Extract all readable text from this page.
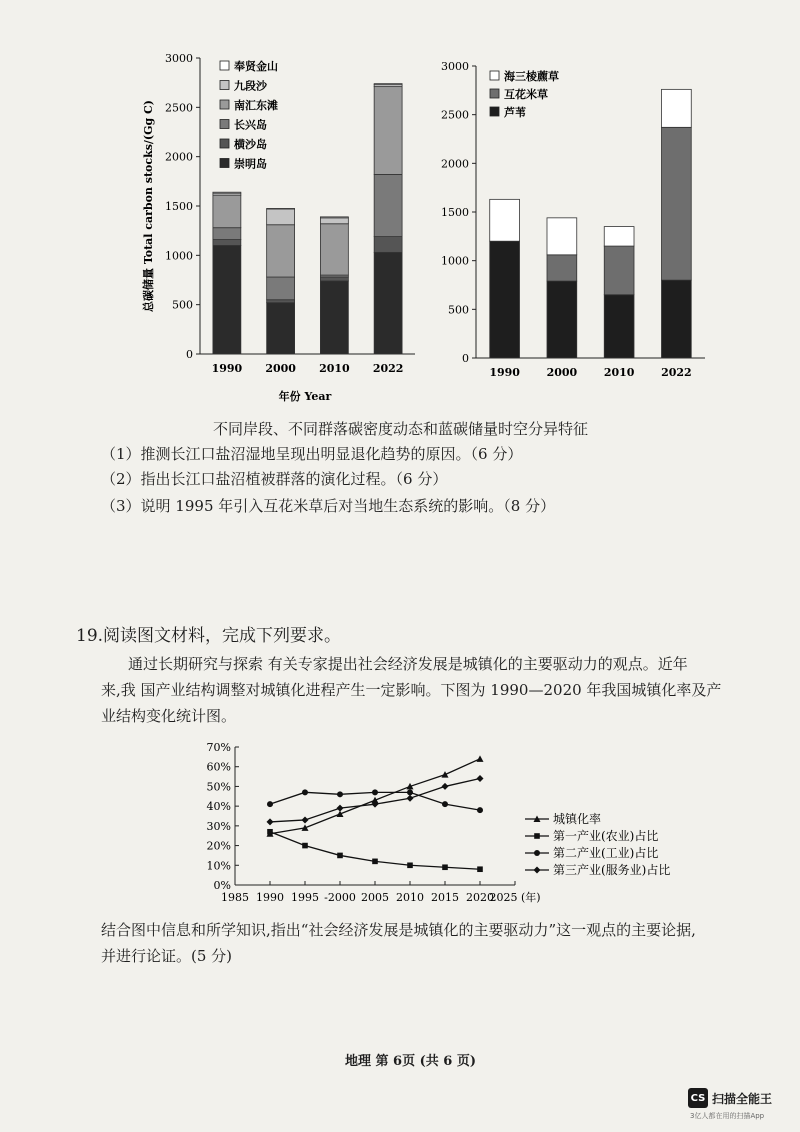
0
500
1000
1500
2000
2500
3000
1990 2000 2010 2022
奉贤金山
九段沙
南汇东滩
长兴岛
横沙岛
崇明岛
总碳储量 Total carbon stocks/(Gg C)
年份 Year
0
500
1000
1500
2000
2500
3000
1990 2000 2010 2022
海三棱藨草
互花米草
芦苇
不同岸段、不同群落碳密度动态和蓝碳储量时空分异特征
（1）推测长江口盐沼湿地呈现出明显退化趋势的原因。（6 分）
（2）指出长江口盐沼植被群落的演化过程。（6 分）
（3）说明 1995 年引入互花米草后对当地生态系统的影响。（8 分）
19.阅读图文材料，完成下列要求。
通过长期研究与探索 有关专家提出社会经济发展是城镇化的主要驱动力的观点。近年
来,我 国产业结构调整对城镇化进程产生一定影响。下图为 1990—2020 年我国城镇化率及产
业结构变化统计图。
0%
10%
20%
30%
40%
50%
60%
70%
1985 1990 1995 -2000 2005 2010 2015 2020
2025 (年)
城镇化率
第一产业(农业)占比
第二产业(工业)占比
第三产业(服务业)占比
结合图中信息和所学知识,指出“社会经济发展是城镇化的主要驱动力”这一观点的主要论据,
并进行论证。(5 分)
地理 第 6页 (共 6 页)
CS 扫描全能王
3亿人都在用的扫描App
